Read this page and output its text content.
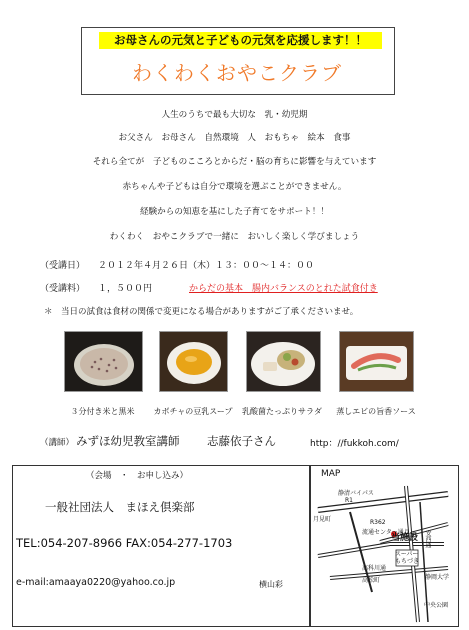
お母さんの元気と子どもの元気を応援します！！
わくわくおやこクラブ
人生のうちで最も大切な　乳・幼児期
お父さん　お母さん　自然環境　人　おもちゃ　絵本　食事
それら全てが　子どものこころとからだ・脳の育ちに影響を与えています
赤ちゃんや子どもは自分で環境を選ぶことができません。
経験からの知恵を基にした子育てをサポート！！
わくわく　おやこクラブで一緒に　おいしく楽しく学びましょう
（受講日） ２０１２年４月２６日（木）１３：００～１４：００
（受講料） １，５００円	からだの基本　腸内バランスのとれた試食付き
＊　当日の試食は食材の関係で変更になる場合がありますがご了承くださいませ。
３分付き米と黒米	カボチャの豆乳スープ	乳酸菌たっぷりサラダ	蒸しエビの旨香ソース
（講師） みずほ幼児教室講師 志藤依子さん	http：//fukkoh.com/
（会場　・　お申し込み）
一般社団法人　まほえ倶楽部
TEL:054-207-8966 FAX:054-277-1703
e-mail:amaaya0220@yahoo.co.jp	横山彩
MAP
静清バイパス
R1
月見町	R362
流通センター通り
当施設
スーパー
もちづき
高科川通
安西通
高松町	静岡大学
中央公園
